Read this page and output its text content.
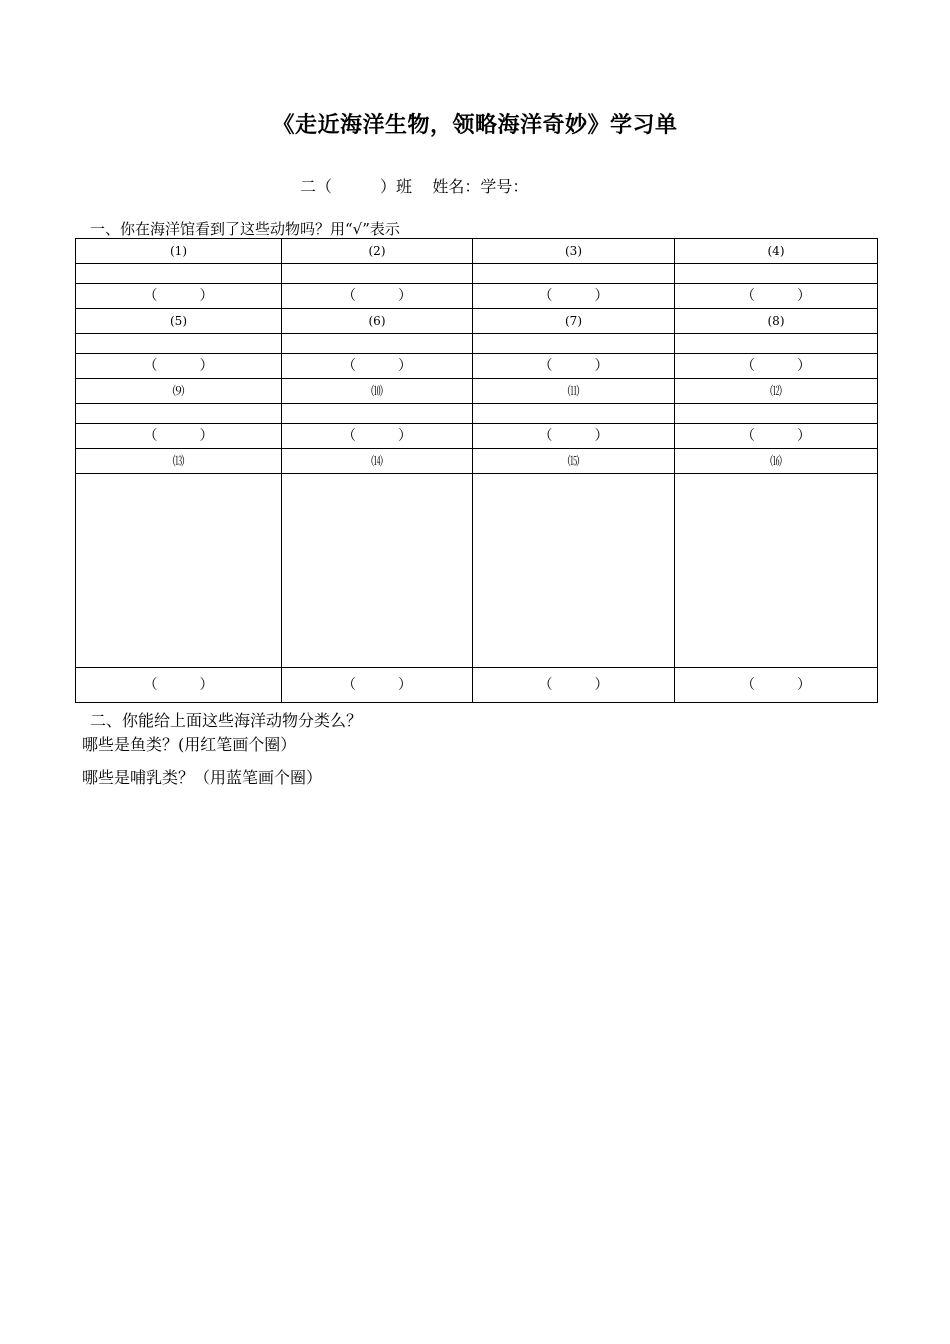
《走近海洋生物，领略海洋奇妙》学习单
二（　　　）班 姓名：学号：
一、你在海洋馆看到了这些动物吗？用“√”表示
(1)	(2)	(3)	(4)

（　　　）	（　　　）	（　　　）	（　　　）
(5)	(6)	(7)	(8)

（　　　）	（　　　）	（　　　）	（　　　）
⑼	⑽	⑾	⑿

（　　　）	（　　　）	（　　　）	（　　　）
⒀	⒁	⒂	⒃

（　　　）	（　　　）	（　　　）	（　　　）
二、你能给上面这些海洋动物分类么？
哪些是鱼类？(用红笔画个圈）
哪些是哺乳类？（用蓝笔画个圈）
